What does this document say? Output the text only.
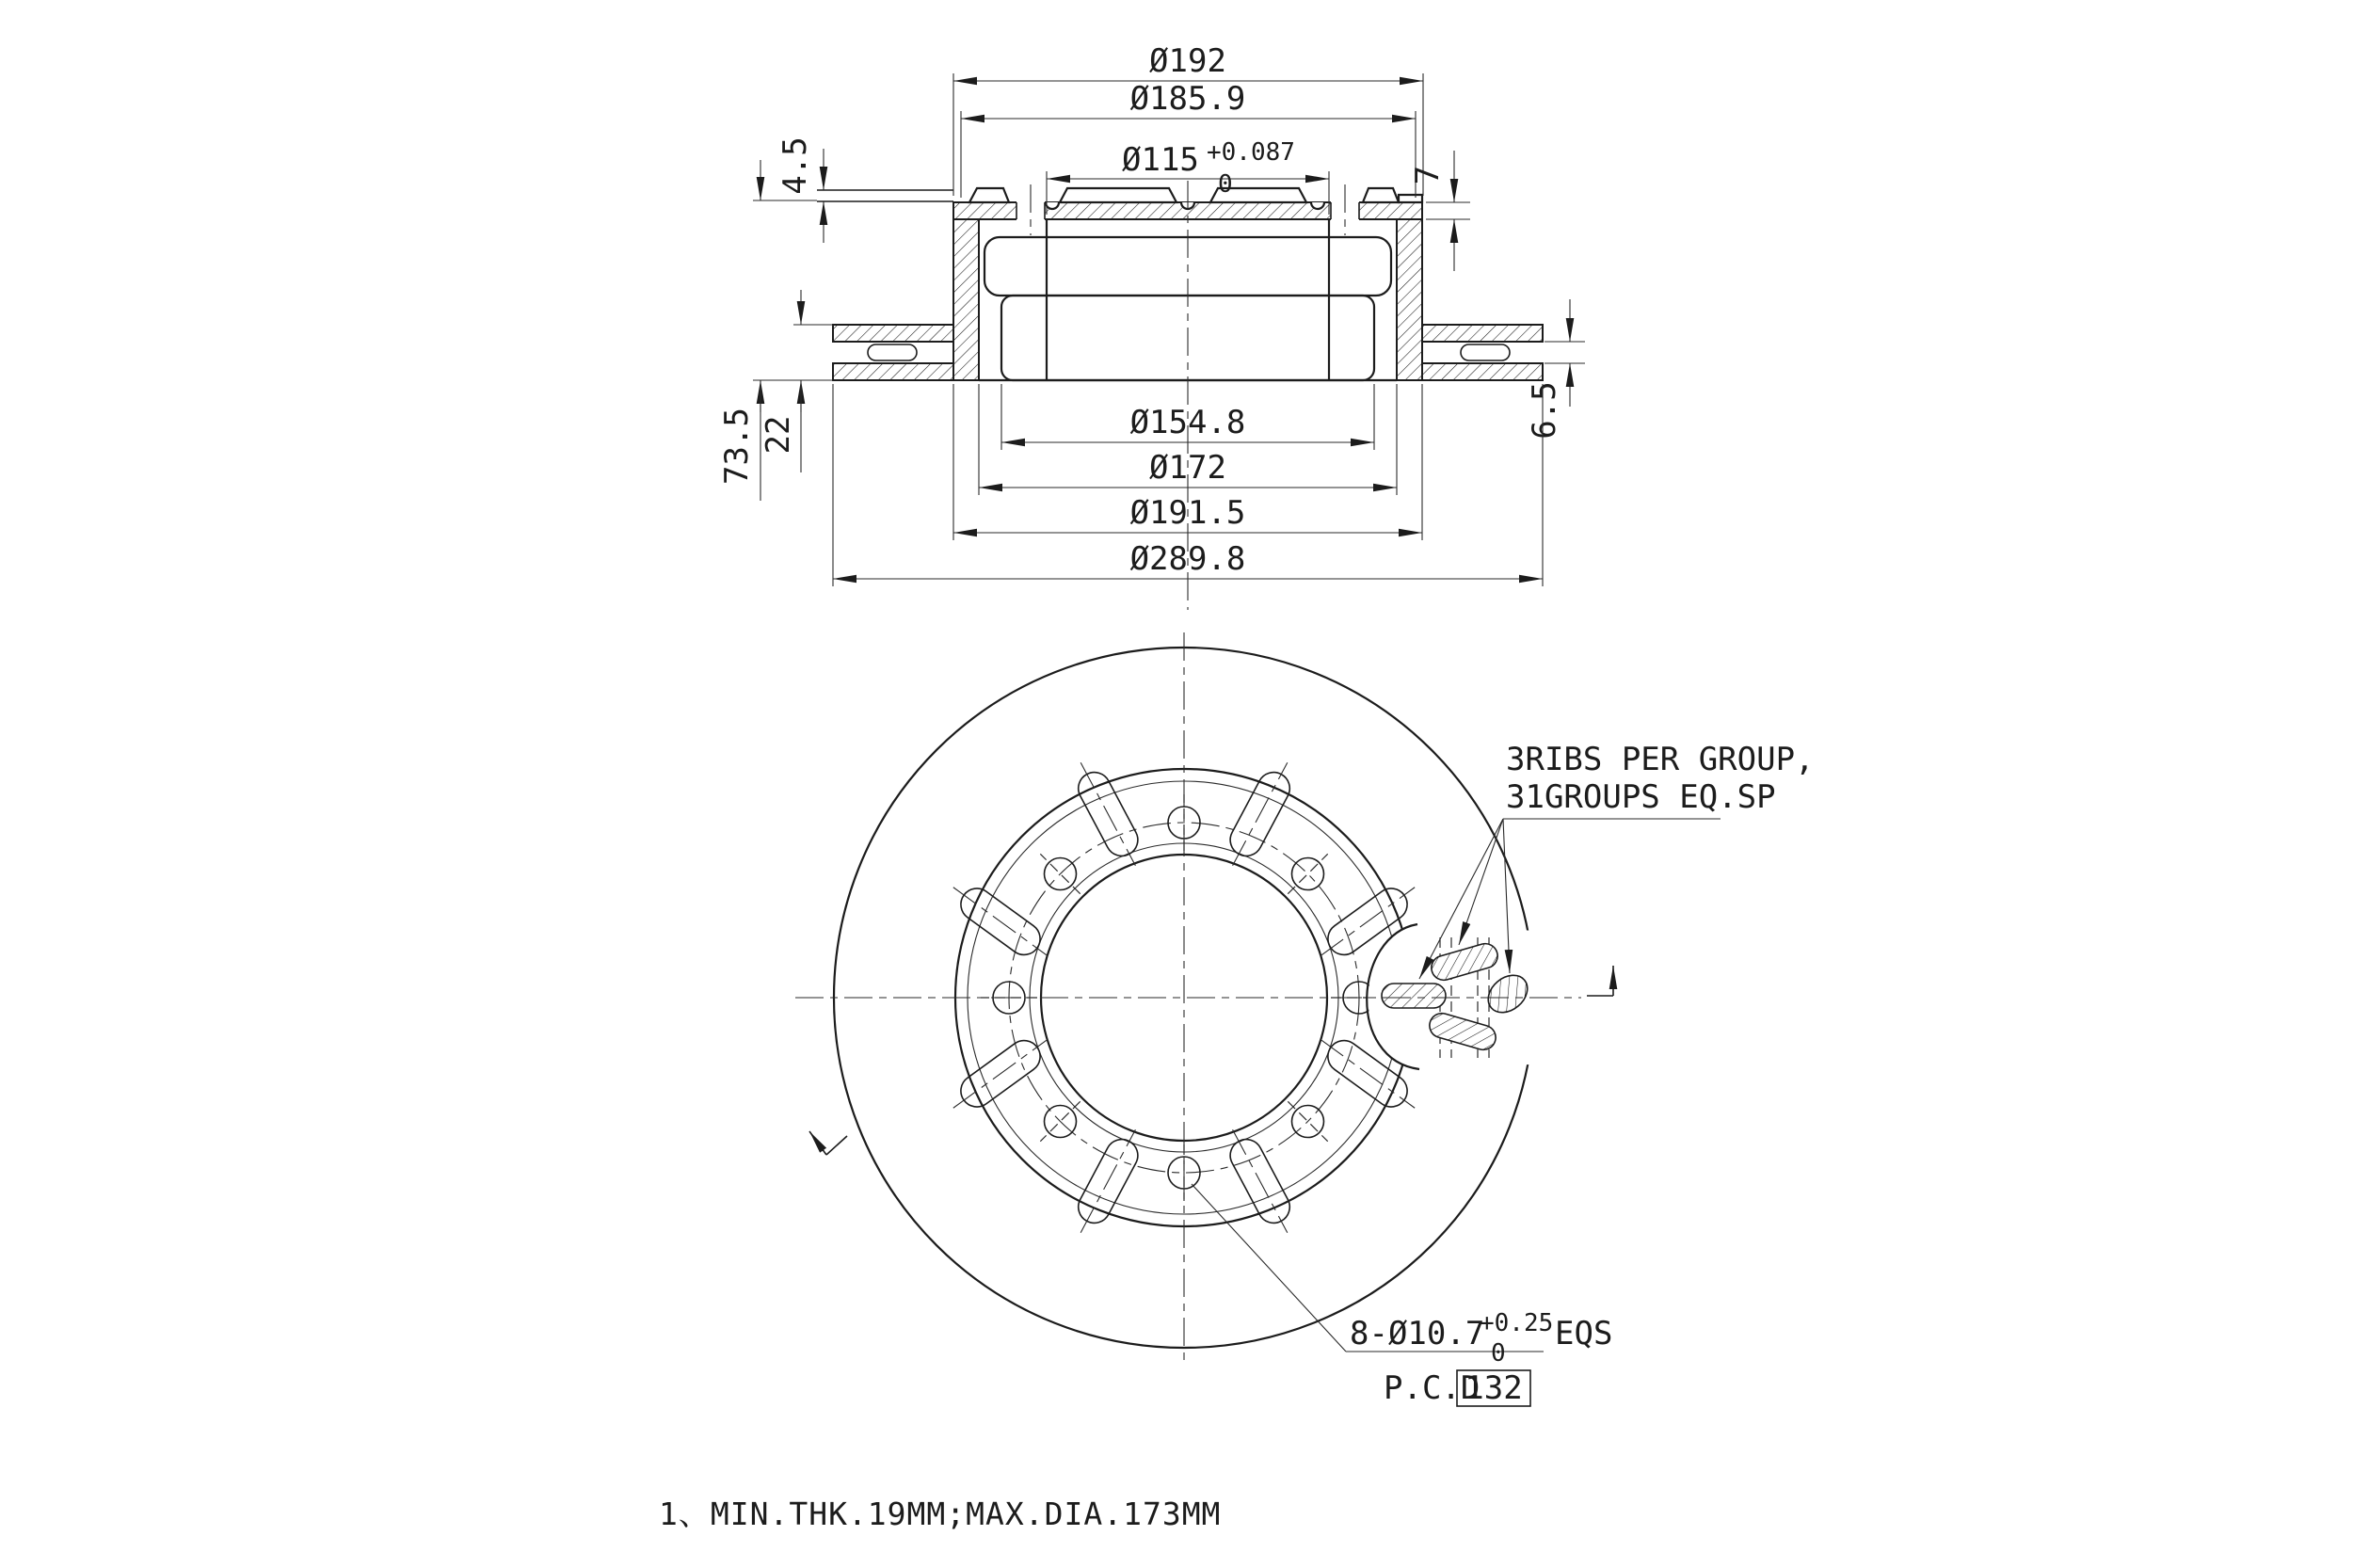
Ø192
Ø185.9
Ø115 +0.087
0
4.5	7
73.5 22	6.5
Ø154.8
Ø172
Ø191.5
Ø289.8
3RIBS PER GROUP,
31GROUPS EQ.SP
8-Ø10.7
+0.25
0
EQS
P.C.D
132
1、MIN.THK.19MM;MAX.DIA.173MM
